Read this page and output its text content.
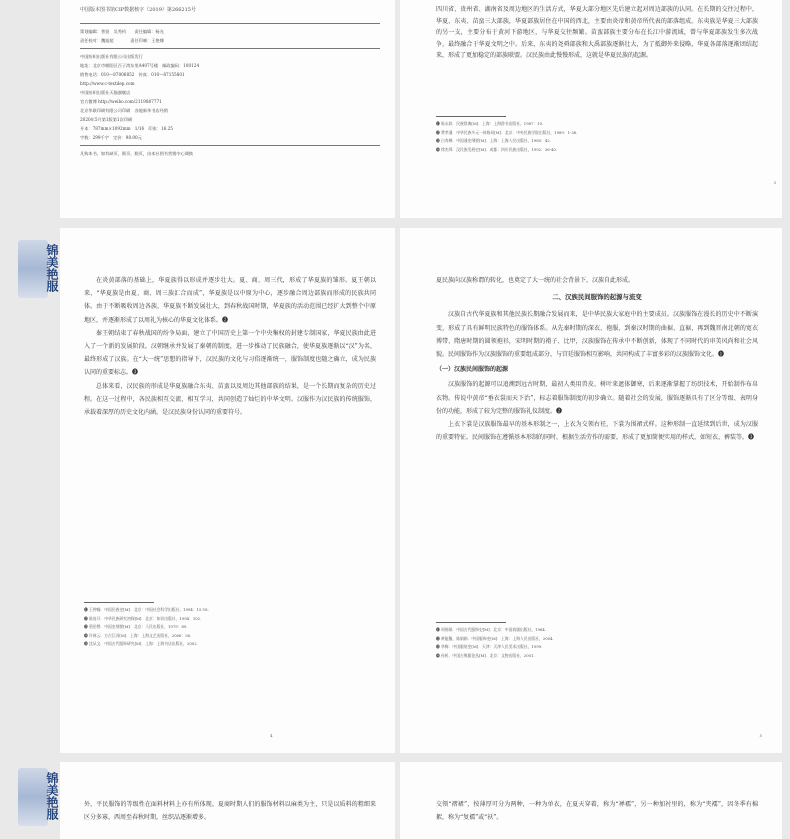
中国版本图书馆CIP数据核字（2019）第266215号
策划编辑：普贤　吴秀钧　　责任编辑：杨光
责任校对：魏旭超　　　　责任印制：王艳娜
中国纺织出版社有限公司出版发行
地址：北京市朝阳区百子湾东里A407号楼　邮政编码：100124
销售电话：010—87006852　传真：010—87155801
http://www.c-textilep.com
中国纺织出版社天猫旗舰店
官方微博 http://weibo.com/2119887771
北京华联印刷有限公司印刷　各地新华书店经销
2020年5月第1版第1次印刷
开本：787mm×1092mm　1/16　印张：16.25
字数：299千字　定价：98.00元
凡购本书，如有缺页、倒页、脱页，由本社图书营销中心调换
四川省、贵州省、湖南省及周边地区的生活方式，华夏大部分地区先后建立起对周边部族的认同。在长期的交往过程中，华夏、东夷、苗蛮三大部族，华夏部族居住在中国的西北，主要由炎帝和黄帝所代表的部落组成。东夷族是华夏三大部族的另一支，主要分布于黄河下游地区，与华夏交往频繁。苗蛮部族主要分布在长江中游流域，曾与华夏部族发生多次战争，最终融合于华夏文明之中。后来，东夷的尧舜部族和大禹部族逐渐壮大，为了抵御外来侵略，华夏各部落逐渐团结起来，形成了更加稳定的部族联盟。汉民族由此慢慢形成，这就是华夏民族的起源。
❶ 陈永龄．民族辞典[M]．上海：上海辞书出版社，1987：10.
❷ 费孝通．中华民族多元一体格局[M]．北京：中央民族学院出版社，1989：1-36.
❸ 白寿彝．中国通史纲要[M]．上海：上海人民出版社，1980：42.
❹ 徐杰舜．汉民族发展史[M]．成都：四川民族出版社，1992：36-40.
3

在炎黄部落的基础上，华夏族得以形成并逐步壮大。夏、商、周三代，形成了华夏族的雏形。夏王朝以来，“华夏族是由夏、商、周三族汇合而成”，华夏族是以中原为中心，逐步融合周边部族而形成的民族共同体。由于不断吸收周边各族，华夏族不断发展壮大，到春秋战国时期，华夏族的活动范围已经扩大到整个中原地区，并逐渐形成了以周礼为核心的华夏文化体系。❷

秦王朝结束了春秋战国的纷争局面，建立了中国历史上第一个中央集权的封建专制国家，华夏民族由此进入了一个新的发展阶段。汉朝继承并发展了秦朝的制度，进一步推动了民族融合，使华夏族逐渐以“汉”为名，最终形成了汉族。在“大一统”思想的指导下，汉民族的文化与习俗逐渐统一，服饰制度也随之确立，成为民族认同的重要标志。❸

总体来看，汉民族的形成是华夏族融合东夷、苗蛮以及周边其他部族的结果，是一个长期而复杂的历史过程。在这一过程中，各民族相互交流、相互学习，共同创造了灿烂的中华文明。汉服作为汉民族的传统服饰，承载着深厚的历史文化内涵，是汉民族身份认同的重要符号。

❶ 王钟翰．中国民族史[M]．北京：中国社会科学出版社，1994：15-18.
❷ 陈连开．中华民族研究初探[M]．北京：知识出版社，1994：102.
❸ 翦伯赞．中国史纲要[M]．北京：人民出版社，1979：89.
❹ 许倬云．万古江河[M]．上海：上海文艺出版社，2006：56.
❺ 沈从文．中国古代服饰研究[M]．上海：上海书店出版社，2002.
4

夏民族向汉族称谓的转化，也奠定了大一统的社会背景下，汉族自此形成。

二、汉族民间服饰的起源与流变

汉族自古代华夏族和其他民族长期融合发展而来，是中华民族大家庭中的主要成员。汉族服饰在漫长的历史中不断演变，形成了具有鲜明民族特色的服饰体系。从先秦时期的深衣、袍服，到秦汉时期的曲裾、直裾，再到魏晋南北朝的宽衣博带、隋唐时期的圆领袍衫，宋明时期的褙子、比甲，汉族服饰在传承中不断创新，体现了不同时代的审美风尚和社会风貌。民间服饰作为汉族服饰的重要组成部分，与宫廷服饰相互影响，共同构成了丰富多彩的汉族服饰文化。❶

（一）汉族民间服饰的起源

汉族服饰的起源可以追溯到远古时期，最初人类用兽皮、树叶来遮体御寒，后来逐渐掌握了纺织技术，开始制作布帛衣物。传说中黄帝“垂衣裳而天下治”，标志着服饰制度的初步确立。随着社会的发展，服饰逐渐具有了区分等级、表明身份的功能，形成了较为完整的服饰礼仪制度。❷

上衣下裳是汉族服饰最早的基本形制之一，上衣为交领右衽，下裳为围裙式样。这种形制一直延续到后世，成为汉服的重要特征。民间服饰在遵循基本形制的同时，根据生活劳作的需要，形成了更加简便实用的样式，如短衣、裤装等。❸

❶ 周锡保．中国古代服饰史[M]．北京：中国戏剧出版社，1984.
❷ 黄能馥，陈娟娟．中国服饰史[M]．上海：上海人民出版社，2004.
❸ 华梅．中国服装史[M]．天津：天津人民美术出版社，1999.
❹ 孙机．中国古舆服论丛[M]．北京：文物出版社，2001.
5
外，平民服饰的等级性在面料材料上亦有所体现。夏商时期人们的服饰材料以麻类为主，只是以质料的粗细来区分多寡，西周至春秋时期，丝织品逐渐增多。
交领“褶裙”，按薄厚可分为两种，一种为单衣，在夏天穿着，称为“禅襦”，另一种加衬里的，称为“夹襦”，因冬季有棉絮，称为“复襦”或“袄”。
锦美艳服
锦美艳服
